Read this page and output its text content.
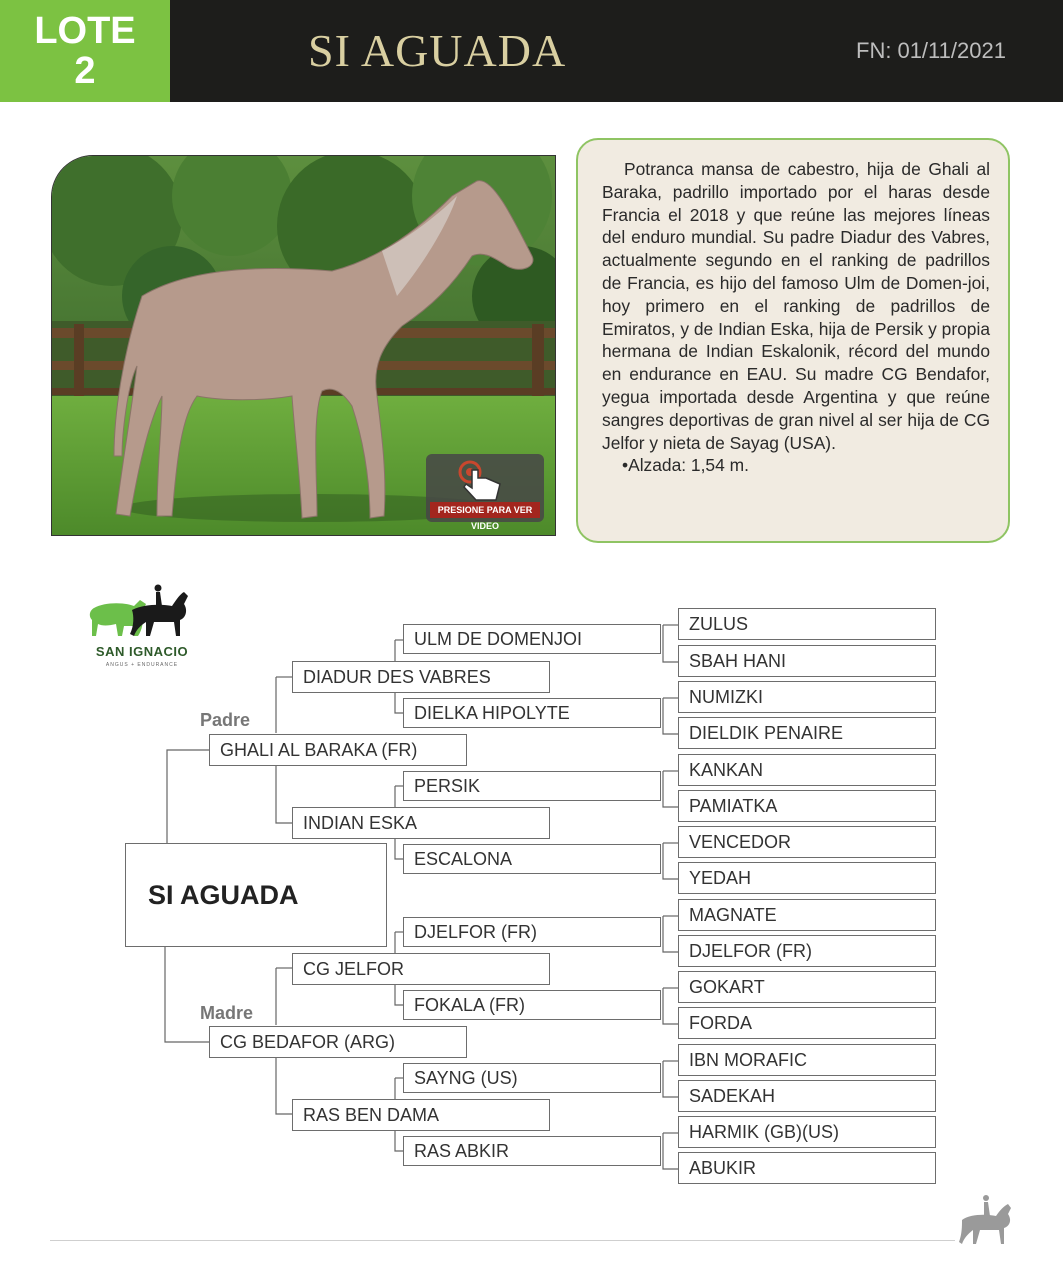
LOTE
2	SI AGUADA	FN: 01/11/2021
PRESIONE PARA VER VIDEO

Potranca mansa de cabestro, hija de Ghali al Baraka, padrillo importado por el haras desde Francia el 2018 y que reúne las mejores líneas del enduro mundial. Su padre Diadur des Vabres, actualmente segundo en el ranking de padrillos de Francia, es hijo del famoso Ulm de Domen-joi, hoy primero en el ranking de padrillos de Emiratos, y de Indian Eska, hija de Persik y propia hermana de Indian Eskalonik, récord del mundo en endurance en EAU. Su madre CG Bendafor, yegua importada desde Argentina y que reúne sangres deportivas de gran nivel al ser hija de CG Jelfor y nieta de Sayag (USA).

•Alzada: 1,54 m.

SAN IGNACIO
ANGUS + ENDURANCE
SI AGUADA
Padre
Madre
GHALI AL BARAKA (FR)
CG BEDAFOR (ARG)
DIADUR DES VABRES
INDIAN ESKA
CG JELFOR
RAS BEN DAMA
ULM DE DOMENJOI
DIELKA HIPOLYTE
PERSIK
ESCALONA
DJELFOR (FR)
FOKALA (FR)
SAYNG (US)
RAS ABKIR
ZULUS
SBAH HANI
NUMIZKI
DIELDIK PENAIRE
KANKAN
PAMIATKA
VENCEDOR
YEDAH
MAGNATE
DJELFOR (FR)
GOKART
FORDA
IBN MORAFIC
SADEKAH
HARMIK (GB)(US)
ABUKIR
